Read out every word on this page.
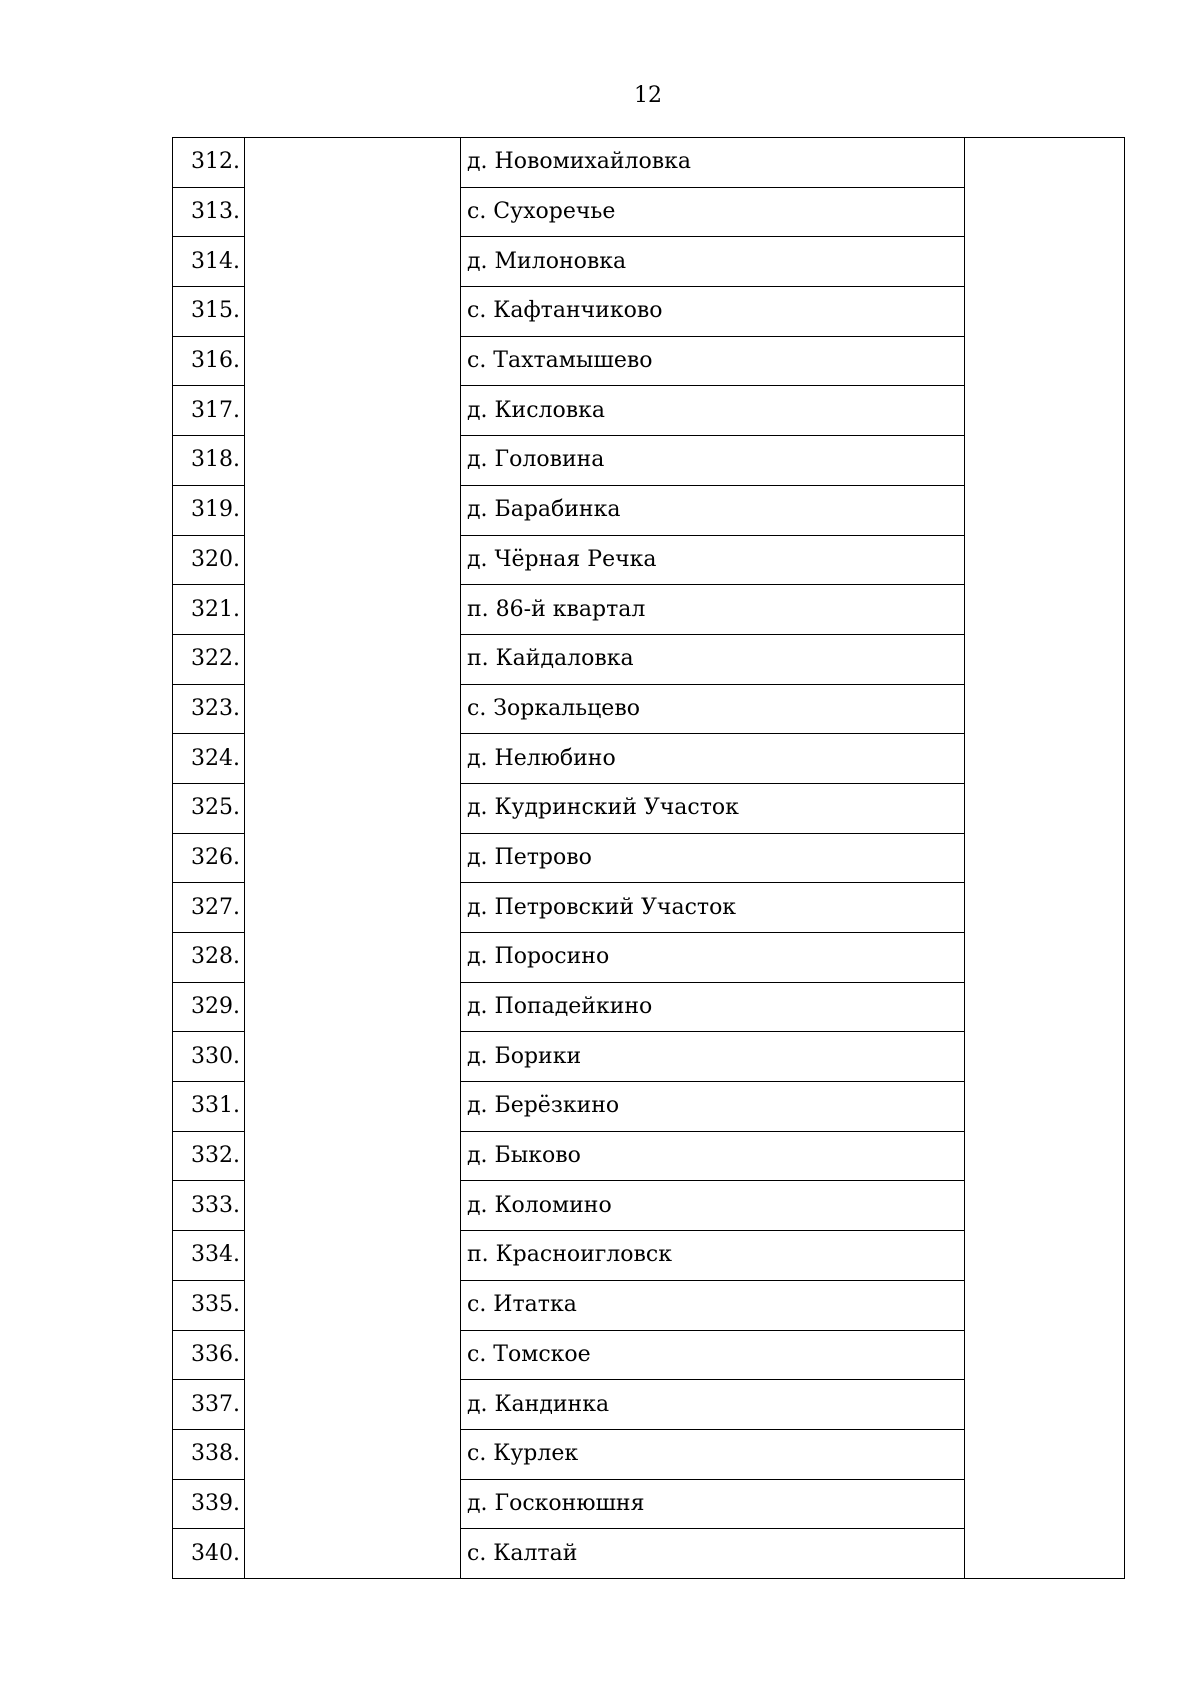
12
312.		д. Новомихайловка	
313.		с. Сухоречье	
314.		д. Милоновка	
315.		с. Кафтанчиково	
316.		с. Тахтамышево	
317.		д. Кисловка	
318.		д. Головина	
319.		д. Барабинка	
320.		д. Чёрная Речка	
321.		п. 86-й квартал	
322.		п. Кайдаловка	
323.		с. Зоркальцево	
324.		д. Нелюбино	
325.		д. Кудринский Участок	
326.		д. Петрово	
327.		д. Петровский Участок	
328.		д. Поросино	
329.		д. Попадейкино	
330.		д. Борики	
331.		д. Берёзкино	
332.		д. Быково	
333.		д. Коломино	
334.		п. Красноигловск	
335.		с. Итатка	
336.		с. Томское	
337.		д. Кандинка	
338.		с. Курлек	
339.		д. Госконюшня	
340.		с. Калтай	
